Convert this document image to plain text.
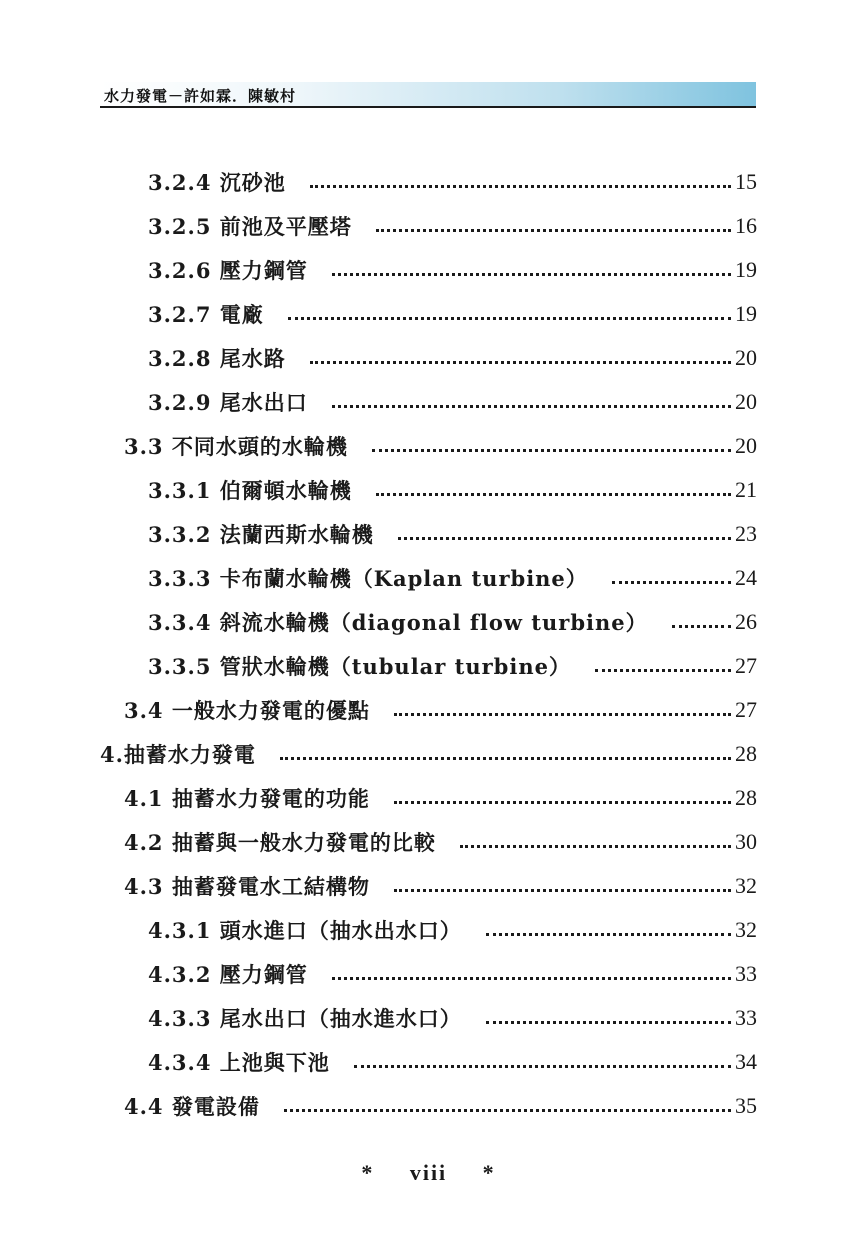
水力發電－許如霖．陳敏村
3.2.4 沉砂池	15
3.2.5 前池及平壓塔	16
3.2.6 壓力鋼管	19
3.2.7 電廠	19
3.2.8 尾水路	20
3.2.9 尾水出口	20
3.3 不同水頭的水輪機	20
3.3.1 伯爾頓水輪機	21
3.3.2 法蘭西斯水輪機	23
3.3.3 卡布蘭水輪機（Kaplan turbine）	24
3.3.4 斜流水輪機（diagonal flow turbine）	26
3.3.5 管狀水輪機（tubular turbine）	27
3.4 一般水力發電的優點	27
4.抽蓄水力發電	28
4.1 抽蓄水力發電的功能	28
4.2 抽蓄與一般水力發電的比較	30
4.3 抽蓄發電水工結構物	32
4.3.1 頭水進口（抽水出水口）	32
4.3.2 壓力鋼管	33
4.3.3 尾水出口（抽水進水口）	33
4.3.4 上池與下池	34
4.4 發電設備	35
* viii *
